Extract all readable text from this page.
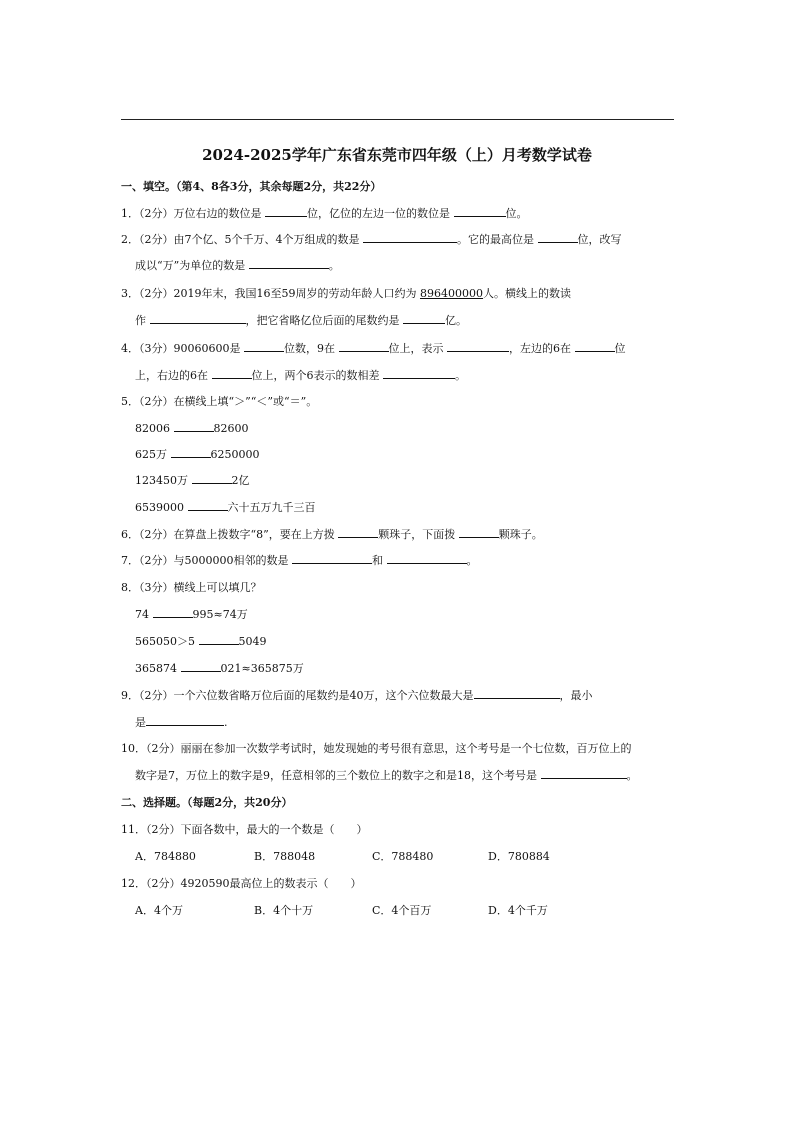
2024-2025学年广东省东莞市四年级（上）月考数学试卷
一、填空。（第4、8各3分，其余每题2分，共22分）
1．（2分）万位右边的数位是	位，亿位的左边一位的数位是	位。
2．（2分）由7个亿、5个千万、4个万组成的数是	。它的最高位是	位，改写
成以“万”为单位的数是	。
3．（2分）2019年末，我国16至59周岁的劳动年龄人口约为 896400000人。横线上的数读
作	，把它省略亿位后面的尾数约是	亿。
4．（3分）90060600是	位数，9在	位上，表示	，左边的6在	位
上，右边的6在	位上，两个6表示的数相差	。
5．（2分）在横线上填“＞”“＜”或“＝”。
82006	82600
625万	6250000
123450万	2亿
6539000	六十五万九千三百
6．（2分）在算盘上拨数字“8”，要在上方拨	颗珠子，下面拨	颗珠子。
7．（2分）与5000000相邻的数是	和	。
8．（3分）横线上可以填几？
74	995≈74万
565050＞5	5049
365874	021≈365875万
9．（2分）一个六位数省略万位后面的尾数约是40万，这个六位数最大是	，最小
是	.
10．（2分）丽丽在参加一次数学考试时，她发现她的考号很有意思，这个考号是一个七位数，百万位上的
数字是7，万位上的数字是9，任意相邻的三个数位上的数字之和是18，这个考号是	。
二、选择题。（每题2分，共20分）
11．（2分）下面各数中，最大的一个数是（　　）
A．784880	B．788048	C．788480	D．780884
12．（2分）4920590最高位上的数表示（　　）
A．4个万	B．4个十万	C．4个百万	D．4个千万
